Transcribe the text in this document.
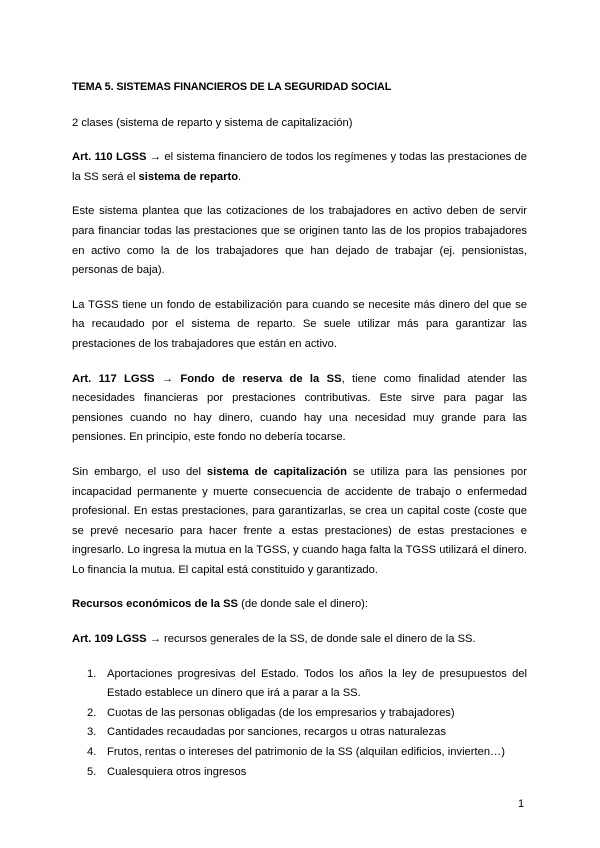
TEMA 5. SISTEMAS FINANCIEROS DE LA SEGURIDAD SOCIAL

2 clases (sistema de reparto y sistema de capitalización)

Art. 110 LGSS → el sistema financiero de todos los regímenes y todas las prestaciones de la SS será el sistema de reparto.

Este sistema plantea que las cotizaciones de los trabajadores en activo deben de servir para financiar todas las prestaciones que se originen tanto las de los propios trabajadores en activo como la de los trabajadores que han dejado de trabajar (ej. pensionistas, personas de baja).

La TGSS tiene un fondo de estabilización para cuando se necesite más dinero del que se ha recaudado por el sistema de reparto. Se suele utilizar más para garantizar las prestaciones de los trabajadores que están en activo.

Art. 117 LGSS → Fondo de reserva de la SS, tiene como finalidad atender las necesidades financieras por prestaciones contributivas. Este sirve para pagar las pensiones cuando no hay dinero, cuando hay una necesidad muy grande para las pensiones. En principio, este fondo no debería tocarse.

Sin embargo, el uso del sistema de capitalización se utiliza para las pensiones por incapacidad permanente y muerte consecuencia de accidente de trabajo o enfermedad profesional. En estas prestaciones, para garantizarlas, se crea un capital coste (coste que se prevé necesario para hacer frente a estas prestaciones) de estas prestaciones e ingresarlo. Lo ingresa la mutua en la TGSS, y cuando haga falta la TGSS utilizará el dinero. Lo financia la mutua. El capital está constituido y garantizado.

Recursos económicos de la SS (de donde sale el dinero):

Art. 109 LGSS → recursos generales de la SS, de donde sale el dinero de la SS.

1. Aportaciones progresivas del Estado. Todos los años la ley de presupuestos del Estado establece un dinero que irá a parar a la SS.
2. Cuotas de las personas obligadas (de los empresarios y trabajadores)
3. Cantidades recaudadas por sanciones, recargos u otras naturalezas
4. Frutos, rentas o intereses del patrimonio de la SS (alquilan edificios, invierten…)
5. Cualesquiera otros ingresos
1
